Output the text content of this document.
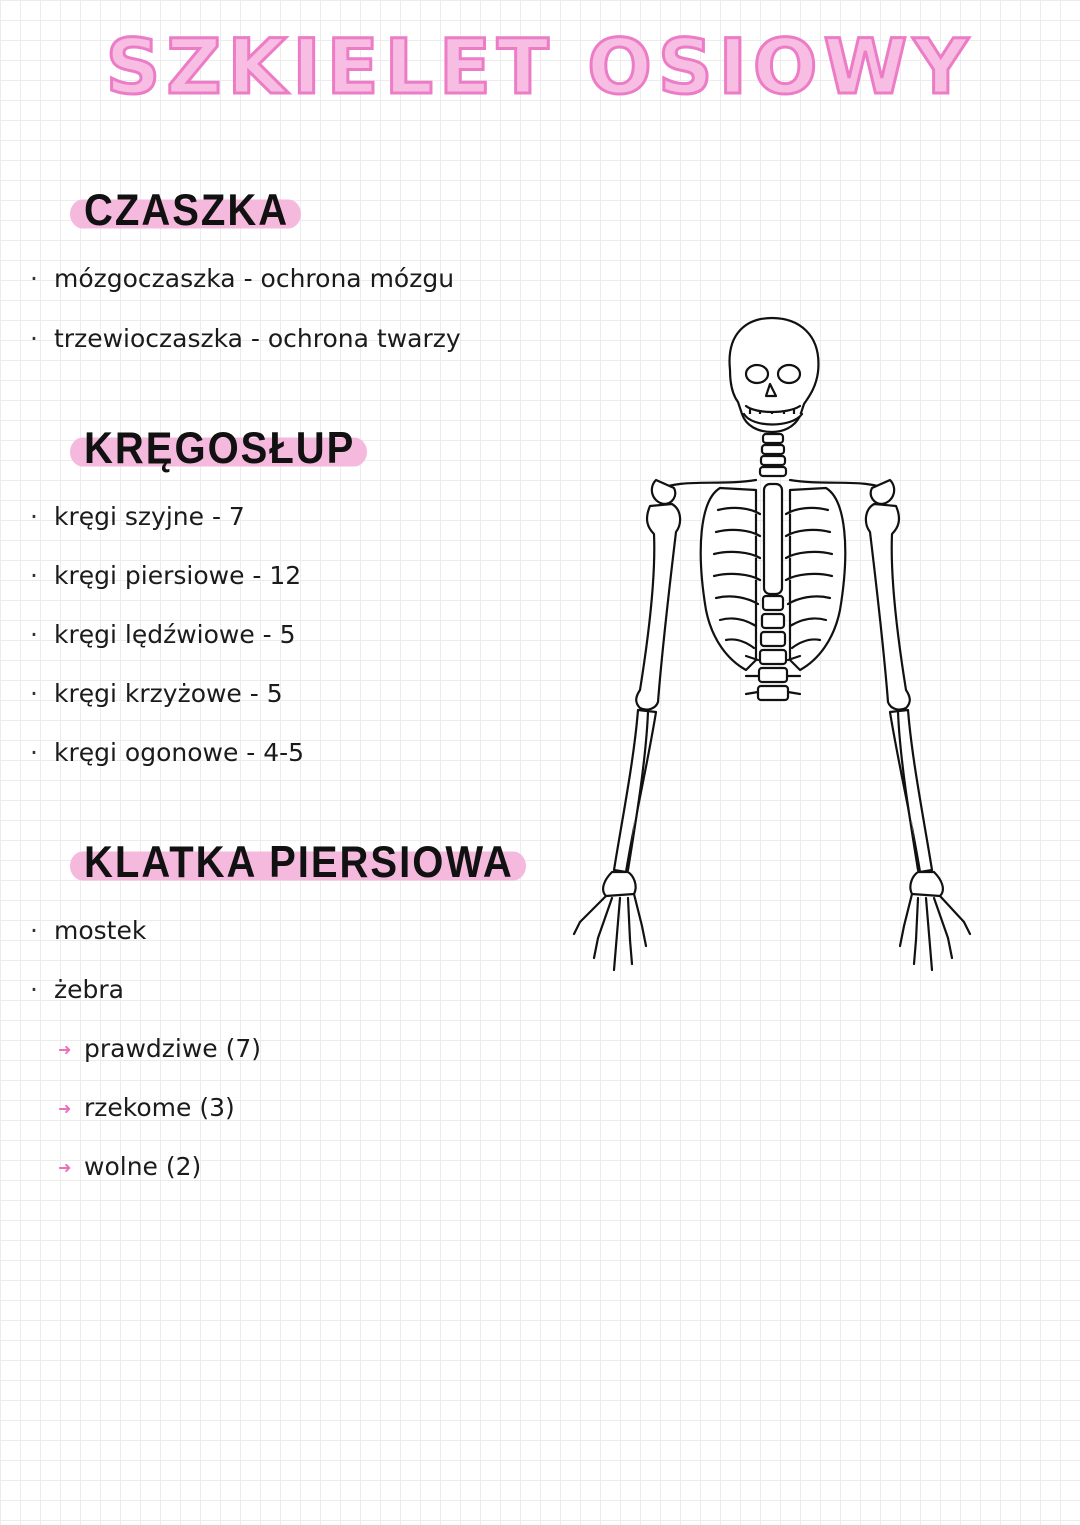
SZKIELET OSIOWY
CZASZKA
· mózgoczaszka - ochrona mózgu
· trzewioczaszka - ochrona twarzy
KRĘGOSŁUP
· kręgi szyjne - 7
· kręgi piersiowe - 12
· kręgi lędźwiowe - 5
· kręgi krzyżowe - 5
· kręgi ogonowe - 4-5
KLATKA PIERSIOWA
· mostek
· żebra
➜ prawdziwe (7)
➜ rzekome (3)
➜ wolne (2)
